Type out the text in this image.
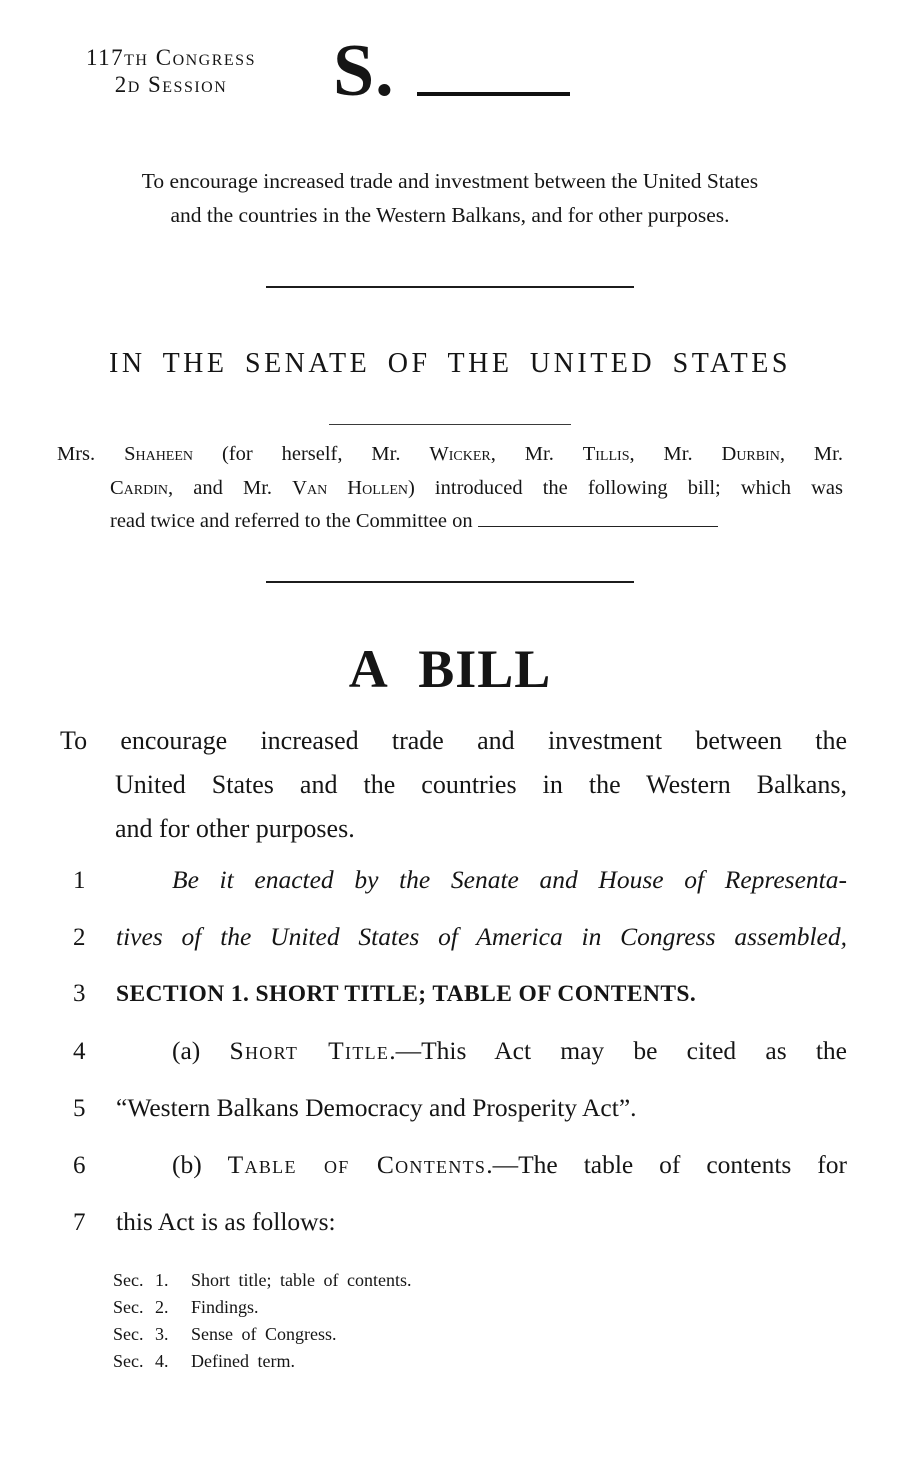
117th Congress
2d Session	S.
To encourage increased trade and investment between the United States
and the countries in the Western Balkans, and for other purposes.
IN THE SENATE OF THE UNITED STATES
Mrs. Shaheen (for herself, Mr. Wicker, Mr. Tillis, Mr. Durbin, Mr.
Cardin, and Mr. Van Hollen) introduced the following bill; which was
read twice and referred to the Committee on
A BILL
To encourage increased trade and investment between the
United States and the countries in the Western Balkans,
and for other purposes.
1	Be it enacted by the Senate and House of Representa-
2	tives of the United States of America in Congress assembled,
3	SECTION 1. SHORT TITLE; TABLE OF CONTENTS.
4	(a) Short Title.—This Act may be cited as the
5	“Western Balkans Democracy and Prosperity Act”.
6	(b) Table of Contents.—The table of contents for
7	this Act is as follows:
Sec. 1.	Short title; table of contents.
Sec. 2.	Findings.
Sec. 3.	Sense of Congress.
Sec. 4.	Defined term.
